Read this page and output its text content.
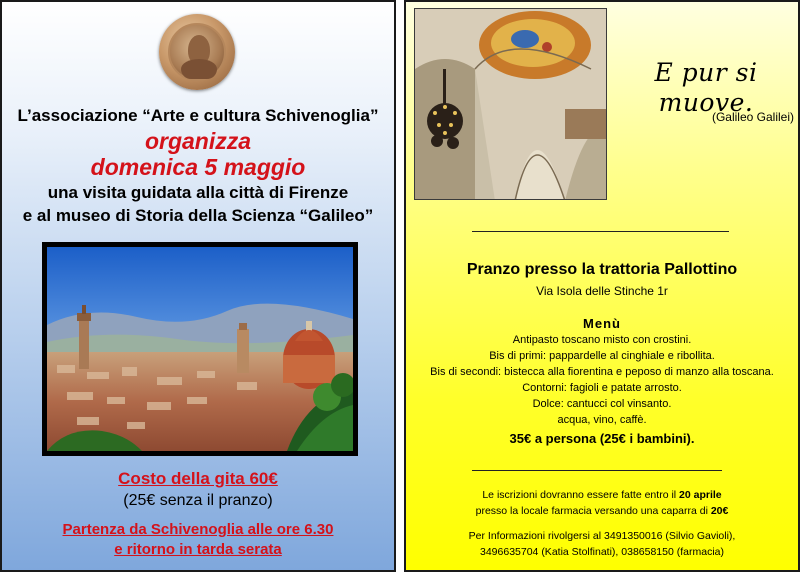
L’associazione “Arte e cultura Schivenoglia”
organizza
domenica 5 maggio
una visita guidata alla città di Firenze
e al museo di Storia della Scienza “Galileo”
Costo della gita 60€
(25€ senza il pranzo)
Partenza da Schivenoglia alle ore 6.30
e ritorno in tarda serata
E pur si muove.
(Galileo Galilei)
Pranzo presso la trattoria Pallottino
Via Isola delle Stinche 1r
Menù
Antipasto toscano misto con crostini.
Bis di primi: pappardelle al cinghiale e ribollita.
Bis di secondi: bistecca alla fiorentina e peposo di manzo alla toscana.
Contorni: fagioli e patate arrosto.
Dolce: cantucci col vinsanto.
acqua, vino, caffè.
35€ a persona (25€ i bambini).
Le iscrizioni dovranno essere fatte entro il 20 aprile
presso la locale farmacia versando una caparra di 20€
Per Informazioni rivolgersi al 3491350016 (Silvio Gavioli),
3496635704 (Katia Stolfinati), 038658150 (farmacia)
